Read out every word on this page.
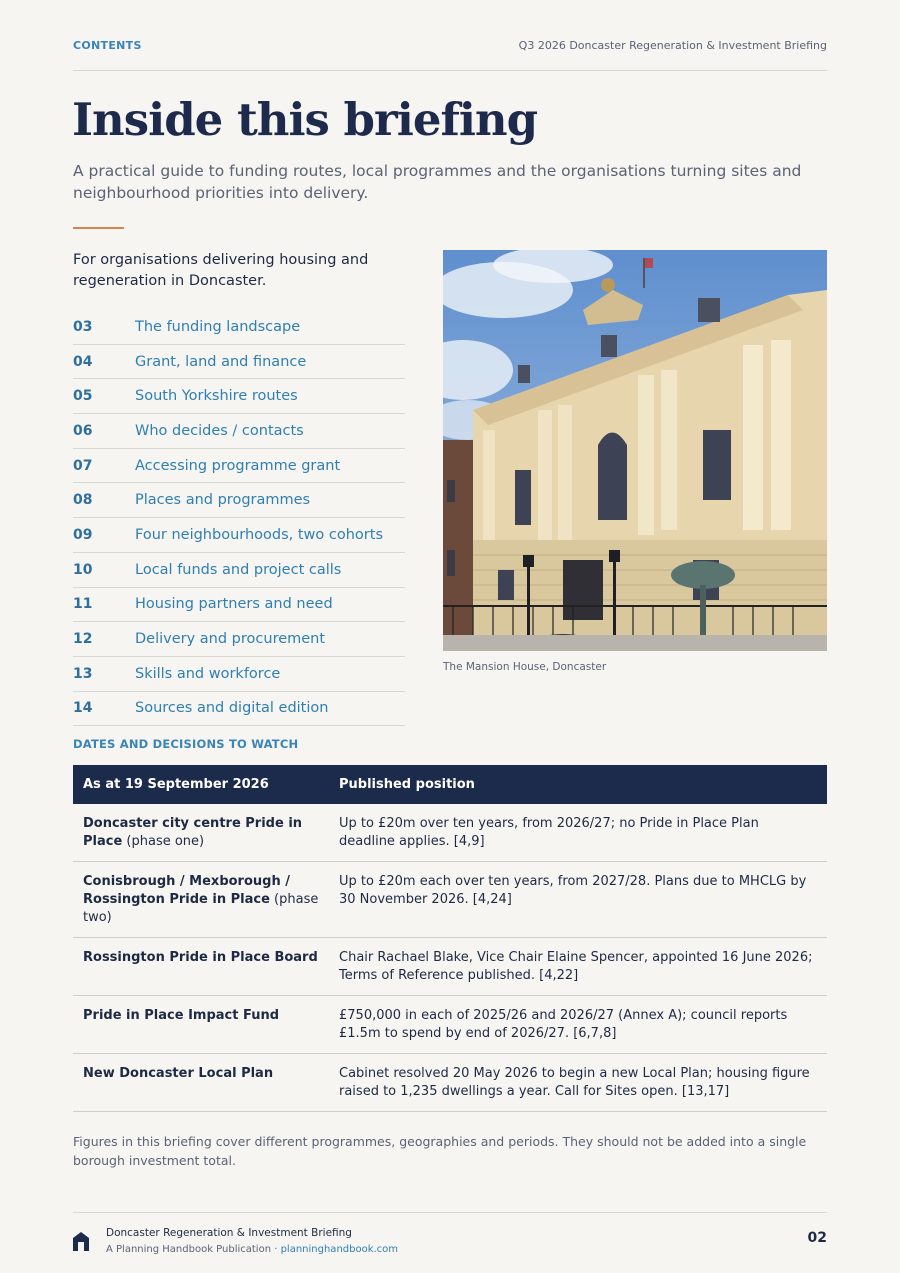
CONTENTS	Q3 2026 Doncaster Regeneration & Investment Briefing
Inside this briefing

A practical guide to funding routes, local programmes and the organisations turning sites and neighbourhood priorities into delivery.

For organisations delivering housing and regeneration in Doncaster.

03	The funding landscape
04	Grant, land and finance
05	South Yorkshire routes
06	Who decides / contacts
07	Accessing programme grant
08	Places and programmes
09	Four neighbourhoods, two cohorts
10	Local funds and project calls
11	Housing partners and need
12	Delivery and procurement
13	Skills and workforce
14	Sources and digital edition
The Mansion House, Doncaster
DATES AND DECISIONS TO WATCH
As at 19 September 2026	Published position
Doncaster city centre Pride in Place (phase one)	Up to £20m over ten years, from 2026/27; no Pride in Place Plan deadline applies. [4,9]
Conisbrough / Mexborough / Rossington Pride in Place (phase two)	Up to £20m each over ten years, from 2027/28. Plans due to MHCLG by 30 November 2026. [4,24]
Rossington Pride in Place Board	Chair Rachael Blake, Vice Chair Elaine Spencer, appointed 16 June 2026; Terms of Reference published. [4,22]
Pride in Place Impact Fund	£750,000 in each of 2025/26 and 2026/27 (Annex A); council reports £1.5m to spend by end of 2026/27. [6,7,8]
New Doncaster Local Plan	Cabinet resolved 20 May 2026 to begin a new Local Plan; housing figure raised to 1,235 dwellings a year. Call for Sites open. [13,17]

Figures in this briefing cover different programmes, geographies and periods. They should not be added into a single borough investment total.

Doncaster Regeneration & Investment Briefing
A Planning Handbook Publication · planninghandbook.com
02
